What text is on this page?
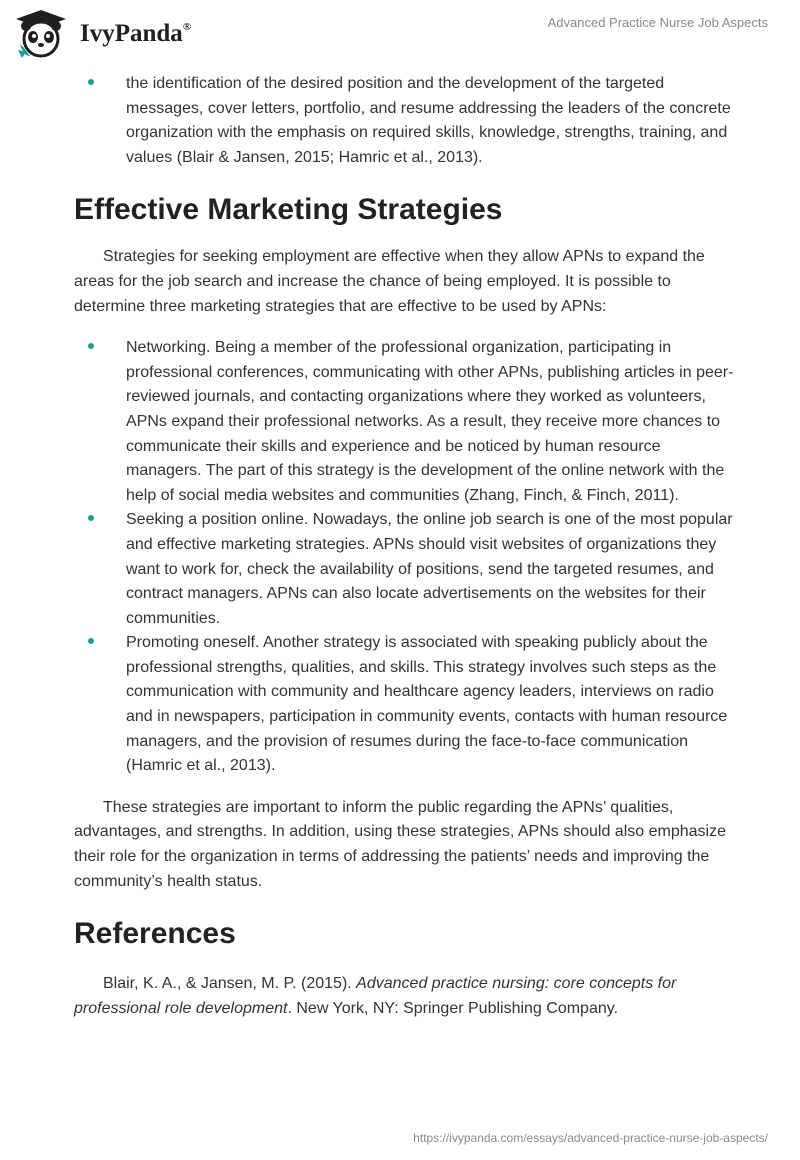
IvyPanda®	Advanced Practice Nurse Job Aspects
the identification of the desired position and the development of the targeted messages, cover letters, portfolio, and resume addressing the leaders of the concrete organization with the emphasis on required skills, knowledge, strengths, training, and values (Blair & Jansen, 2015; Hamric et al., 2013).
Effective Marketing Strategies

Strategies for seeking employment are effective when they allow APNs to expand the areas for the job search and increase the chance of being employed. It is possible to determine three marketing strategies that are effective to be used by APNs:

Networking. Being a member of the professional organization, participating in professional conferences, communicating with other APNs, publishing articles in peer-reviewed journals, and contacting organizations where they worked as volunteers, APNs expand their professional networks. As a result, they receive more chances to communicate their skills and experience and be noticed by human resource managers. The part of this strategy is the development of the online network with the help of social media websites and communities (Zhang, Finch, & Finch, 2011).
Seeking a position online. Nowadays, the online job search is one of the most popular and effective marketing strategies. APNs should visit websites of organizations they want to work for, check the availability of positions, send the targeted resumes, and contract managers. APNs can also locate advertisements on the websites for their communities.
Promoting oneself. Another strategy is associated with speaking publicly about the professional strengths, qualities, and skills. This strategy involves such steps as the communication with community and healthcare agency leaders, interviews on radio and in newspapers, participation in community events, contacts with human resource managers, and the provision of resumes during the face-to-face communication (Hamric et al., 2013).

These strategies are important to inform the public regarding the APNs’ qualities, advantages, and strengths. In addition, using these strategies, APNs should also emphasize their role for the organization in terms of addressing the patients’ needs and improving the community’s health status.

References

Blair, K. A., & Jansen, M. P. (2015). Advanced practice nursing: core concepts for professional role development. New York, NY: Springer Publishing Company.

https://ivypanda.com/essays/advanced-practice-nurse-job-aspects/
